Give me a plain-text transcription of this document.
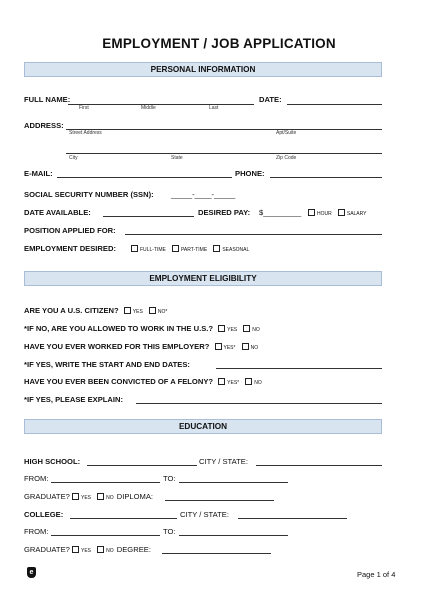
EMPLOYMENT / JOB APPLICATION
PERSONAL INFORMATION
FULL NAME:
First	Middle	Last
DATE:
ADDRESS:
Street Address	Apt/Suite
City	State	Zip Code
E-MAIL:	PHONE:
SOCIAL SECURITY NUMBER (SSN): _____-____-_____
DATE AVAILABLE:	DESIRED PAY: $_________	HOUR	SALARY
POSITION APPLIED FOR:
EMPLOYMENT DESIRED:	FULL-TIME	PART-TIME	SEASONAL
EMPLOYMENT ELIGIBILITY
ARE YOU A U.S. CITIZEN?	YES	NO*
*IF NO, ARE YOU ALLOWED TO WORK IN THE U.S.?	YES	NO
HAVE YOU EVER WORKED FOR THIS EMPLOYER?	YES*	NO
*IF YES, WRITE THE START AND END DATES:
HAVE YOU EVER BEEN CONVICTED OF A FELONY?	YES*	NO
*IF YES, PLEASE EXPLAIN:
EDUCATION
HIGH SCHOOL:	CITY / STATE:
FROM:	TO:
GRADUATE? YES	NO DIPLOMA:
COLLEGE:	CITY / STATE:
FROM:	TO:
GRADUATE? YES	NO DEGREE:
e	Page 1 of 4
